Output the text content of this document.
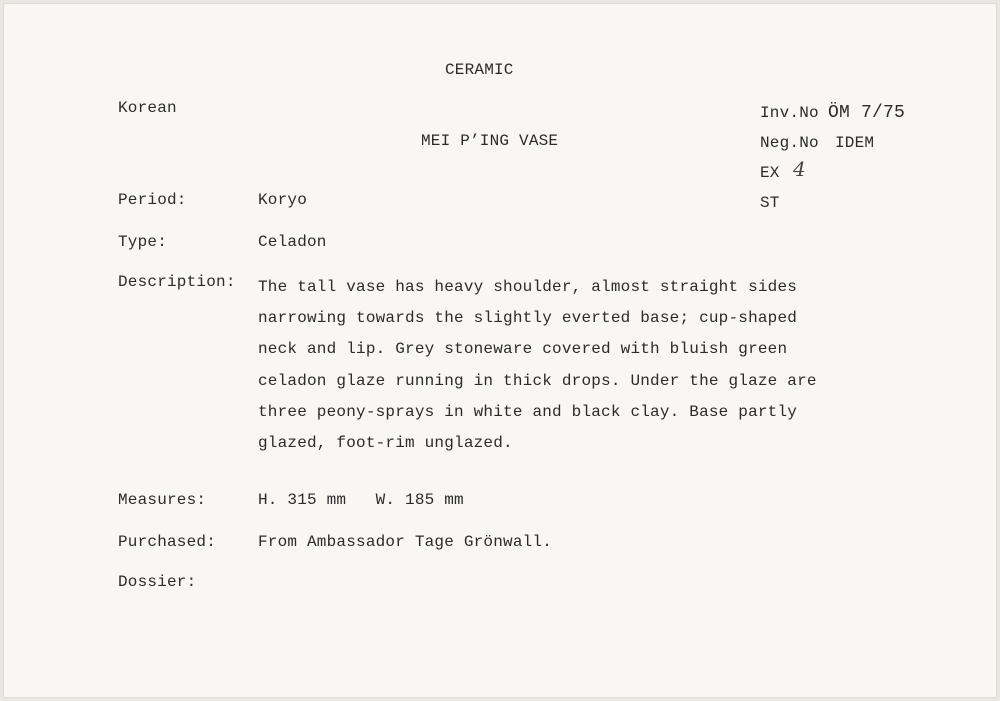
CERAMIC
Korean
MEI P’ING VASE
Inv.No ÖM 7/75
Neg.No IDEM
EX 4
ST
Period:	Koryo
Type:	Celadon
Description: The tall vase has heavy shoulder, almost straight sides
narrowing towards the slightly everted base; cup-shaped
neck and lip. Grey stoneware covered with bluish green
celadon glaze running in thick drops. Under the glaze are
three peony-sprays in white and black clay. Base partly
glazed, foot-rim unglazed.
Measures:	H. 315 mm   W. 185 mm
Purchased:	From Ambassador Tage Grönwall.
Dossier:
